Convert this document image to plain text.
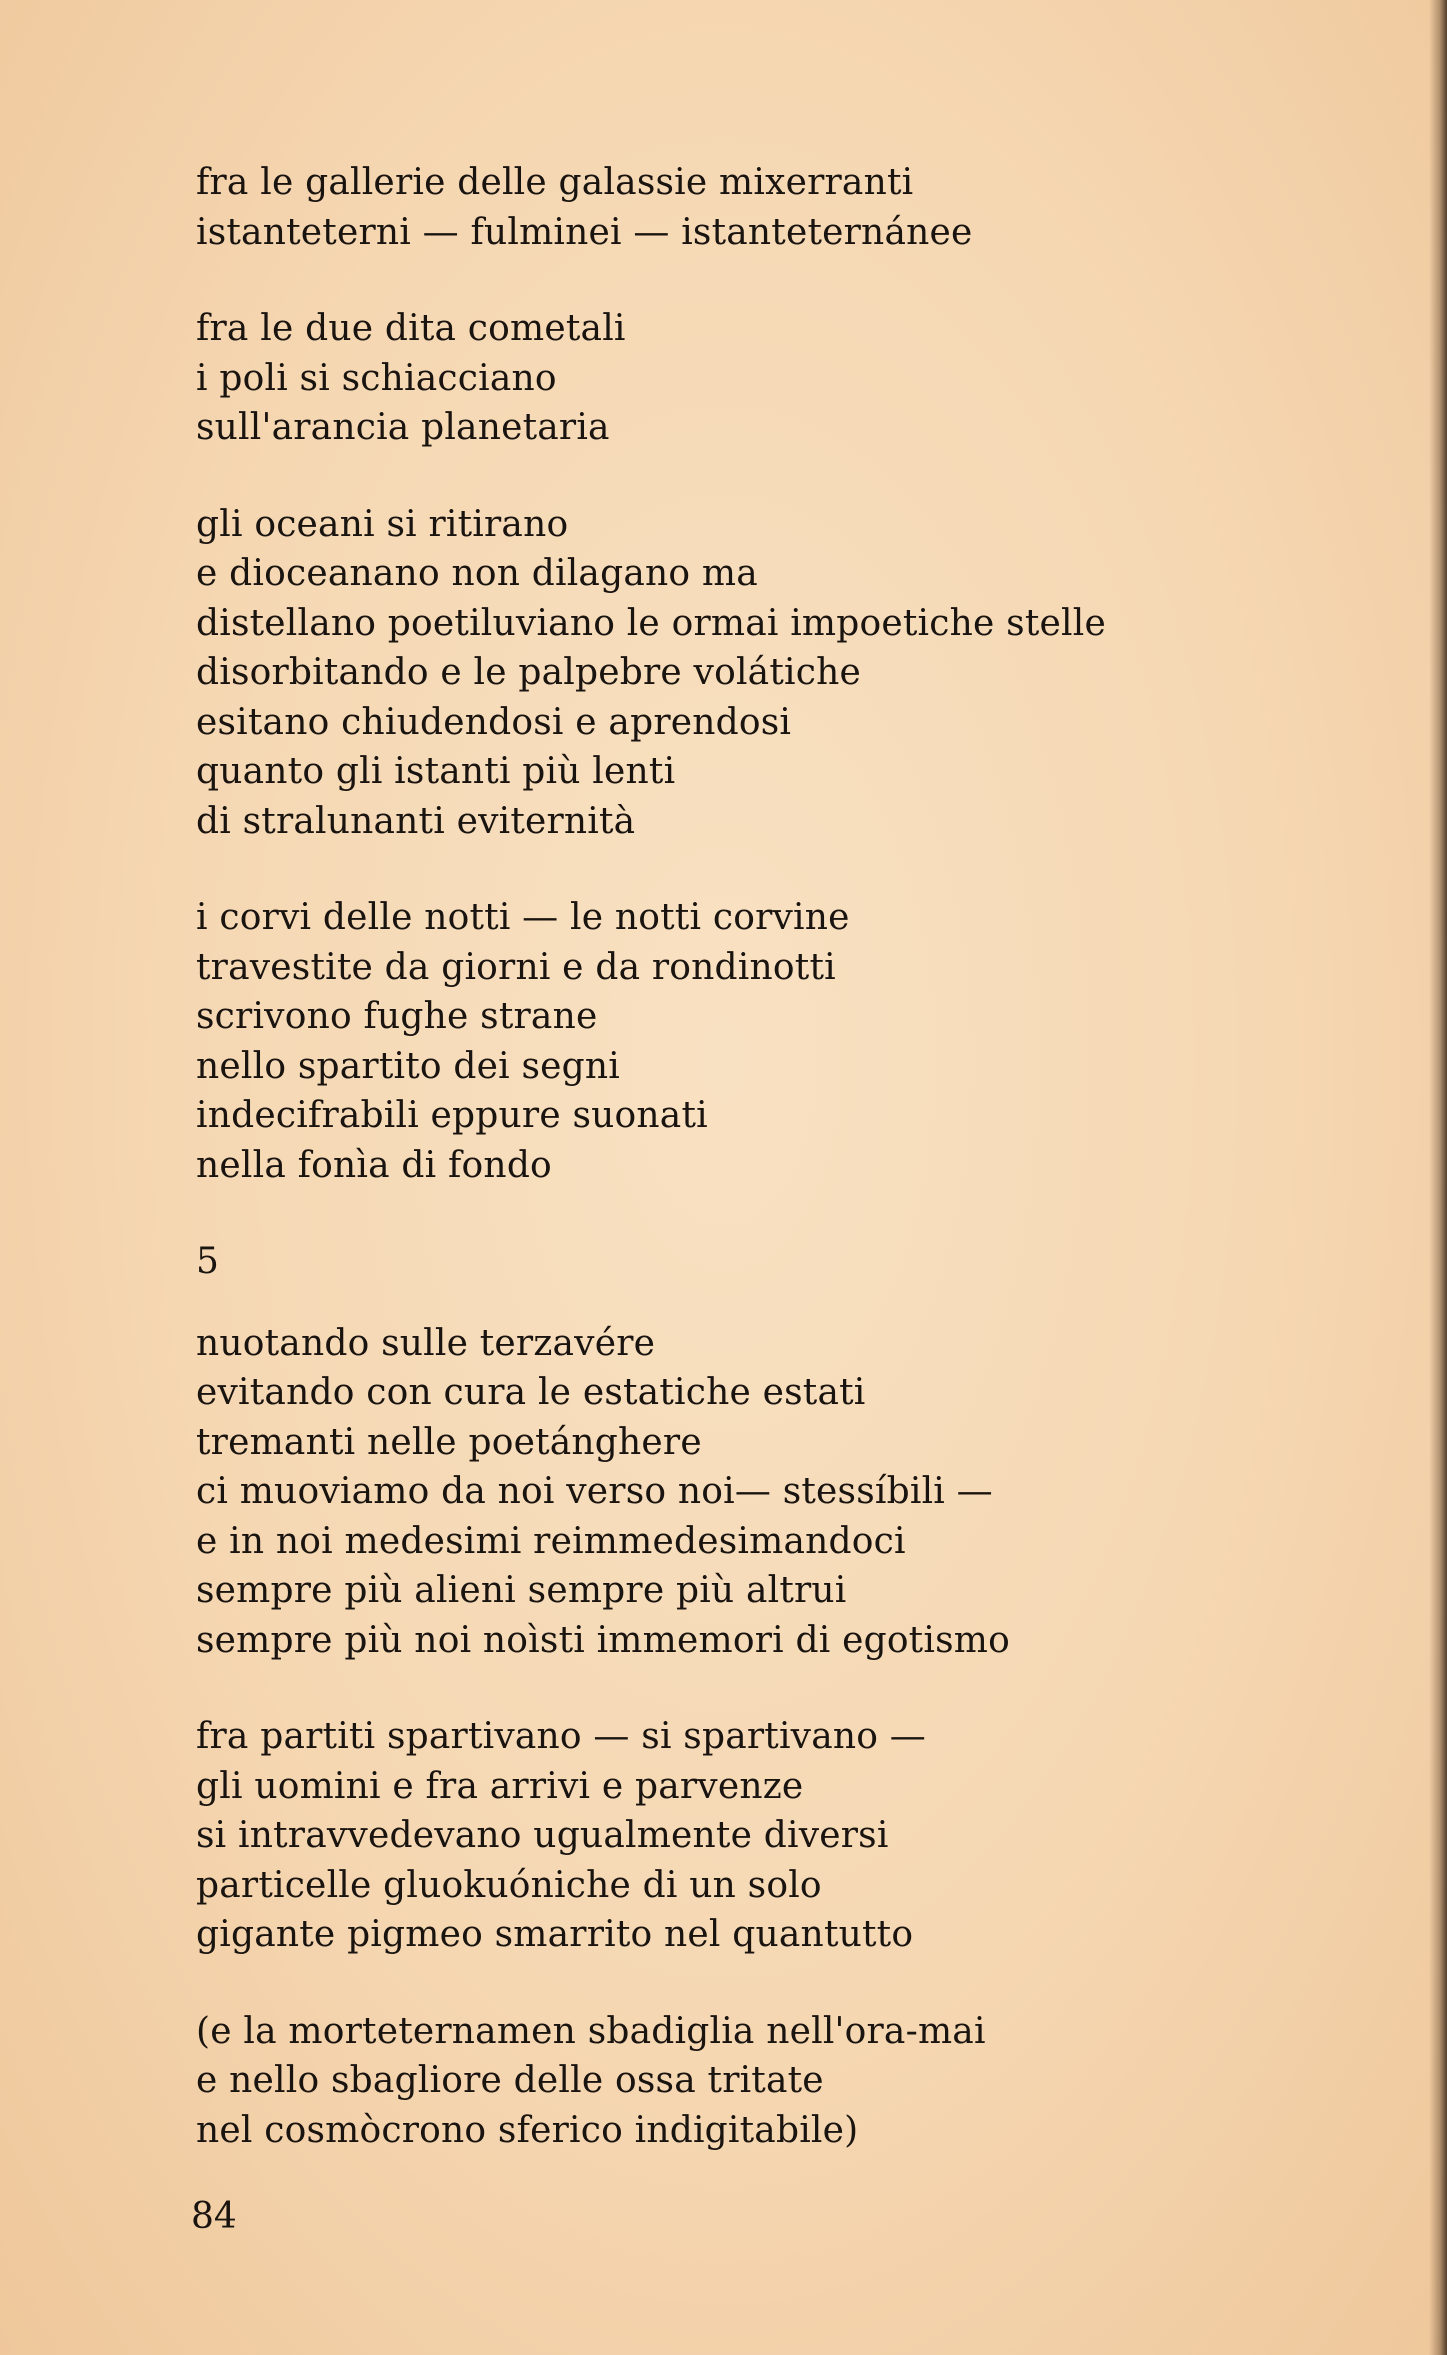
fra le gallerie delle galassie mixerranti
istanteterni — fulminei — istanteternánee
fra le due dita cometali
i poli si schiacciano
sull'arancia planetaria
gli oceani si ritirano
e dioceanano non dilagano ma
distellano poetiluviano le ormai impoetiche stelle
disorbitando e le palpebre volátiche
esitano chiudendosi e aprendosi
quanto gli istanti più lenti
di stralunanti eviternità
i corvi delle notti — le notti corvine
travestite da giorni e da rondinotti
scrivono fughe strane
nello spartito dei segni
indecifrabili eppure suonati
nella fonìa di fondo
5
nuotando sulle terzavére
evitando con cura le estatiche estati
tremanti nelle poetánghere
ci muoviamo da noi verso noi— stessíbili —
e in noi medesimi reimmedesimandoci
sempre più alieni sempre più altrui
sempre più noi noìsti immemori di egotismo
fra partiti spartivano — si spartivano —
gli uomini e fra arrivi e parvenze
si intravvedevano ugualmente diversi
particelle gluokuóniche di un solo
gigante pigmeo smarrito nel quantutto
(e la morteternamen sbadiglia nell'ora-mai
e nello sbagliore delle ossa tritate
nel cosmòcrono sferico indigitabile)
84
